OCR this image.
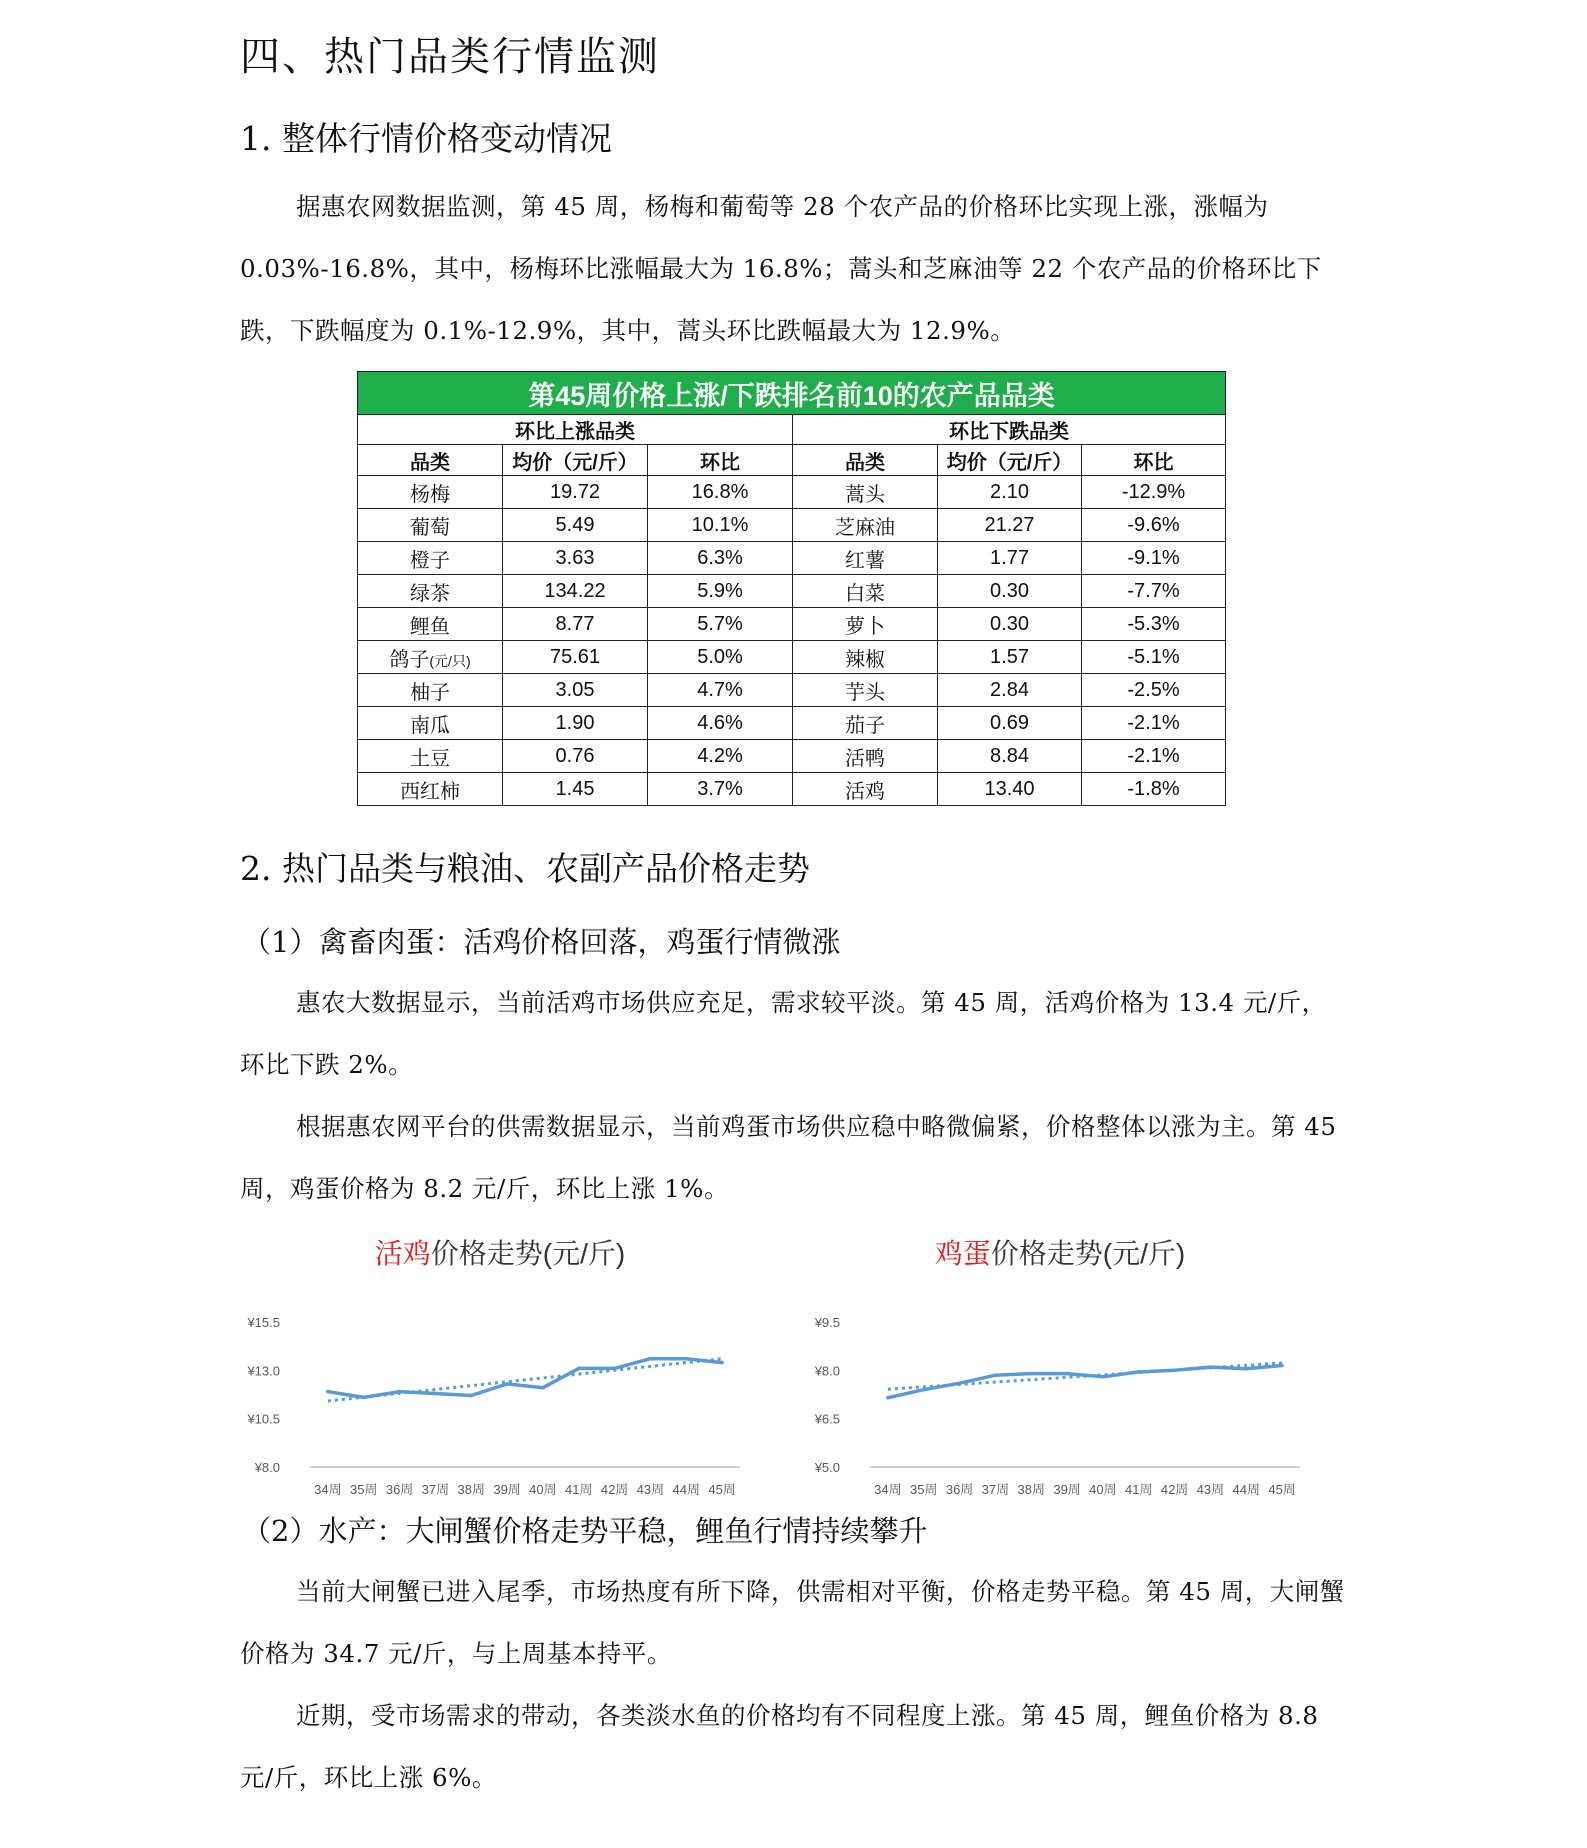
四、热门品类行情监测
1. 整体行情价格变动情况

据惠农网数据监测，第 45 周，杨梅和葡萄等 28 个农产品的价格环比实现上涨，涨幅为 0.03%-16.8%，其中，杨梅环比涨幅最大为 16.8%；蒿头和芝麻油等 22 个农产品的价格环比下跌，下跌幅度为 0.1%-12.9%，其中，蒿头环比跌幅最大为 12.9%。

第45周价格上涨/下跌排名前10的农产品品类					
环比上涨品类			环比下跌品类		
品类	均价（元/斤）	环比	品类	均价（元/斤）	环比
杨梅	19.72	16.8%	蒿头	2.10	-12.9%
葡萄	5.49	10.1%	芝麻油	21.27	-9.6%
橙子	3.63	6.3%	红薯	1.77	-9.1%
绿茶	134.22	5.9%	白菜	0.30	-7.7%
鲤鱼	8.77	5.7%	萝卜	0.30	-5.3%
鸽子(元/只)	75.61	5.0%	辣椒	1.57	-5.1%
柚子	3.05	4.7%	芋头	2.84	-2.5%
南瓜	1.90	4.6%	茄子	0.69	-2.1%
土豆	0.76	4.2%	活鸭	8.84	-2.1%
西红柿	1.45	3.7%	活鸡	13.40	-1.8%
2. 热门品类与粮油、农副产品价格走势
（1）禽畜肉蛋：活鸡价格回落，鸡蛋行情微涨

惠农大数据显示，当前活鸡市场供应充足，需求较平淡。第 45 周，活鸡价格为 13.4 元/斤，环比下跌 2%。

根据惠农网平台的供需数据显示，当前鸡蛋市场供应稳中略微偏紧，价格整体以涨为主。第 45 周，鸡蛋价格为 8.2 元/斤，环比上涨 1%。

活鸡价格走势(元/斤)
¥8.0
¥10.5
¥13.0
¥15.5
34周 35周 36周 37周 38周 39周 40周 41周 42周 43周 44周 45周
鸡蛋价格走势(元/斤)
¥5.0
¥6.5
¥8.0
¥9.5
34周 35周 36周 37周 38周 39周 40周 41周 42周 43周 44周 45周
（2）水产：大闸蟹价格走势平稳，鲤鱼行情持续攀升

当前大闸蟹已进入尾季，市场热度有所下降，供需相对平衡，价格走势平稳。第 45 周，大闸蟹价格为 34.7 元/斤，与上周基本持平。

近期，受市场需求的带动，各类淡水鱼的价格均有不同程度上涨。第 45 周，鲤鱼价格为 8.8 元/斤，环比上涨 6%。
